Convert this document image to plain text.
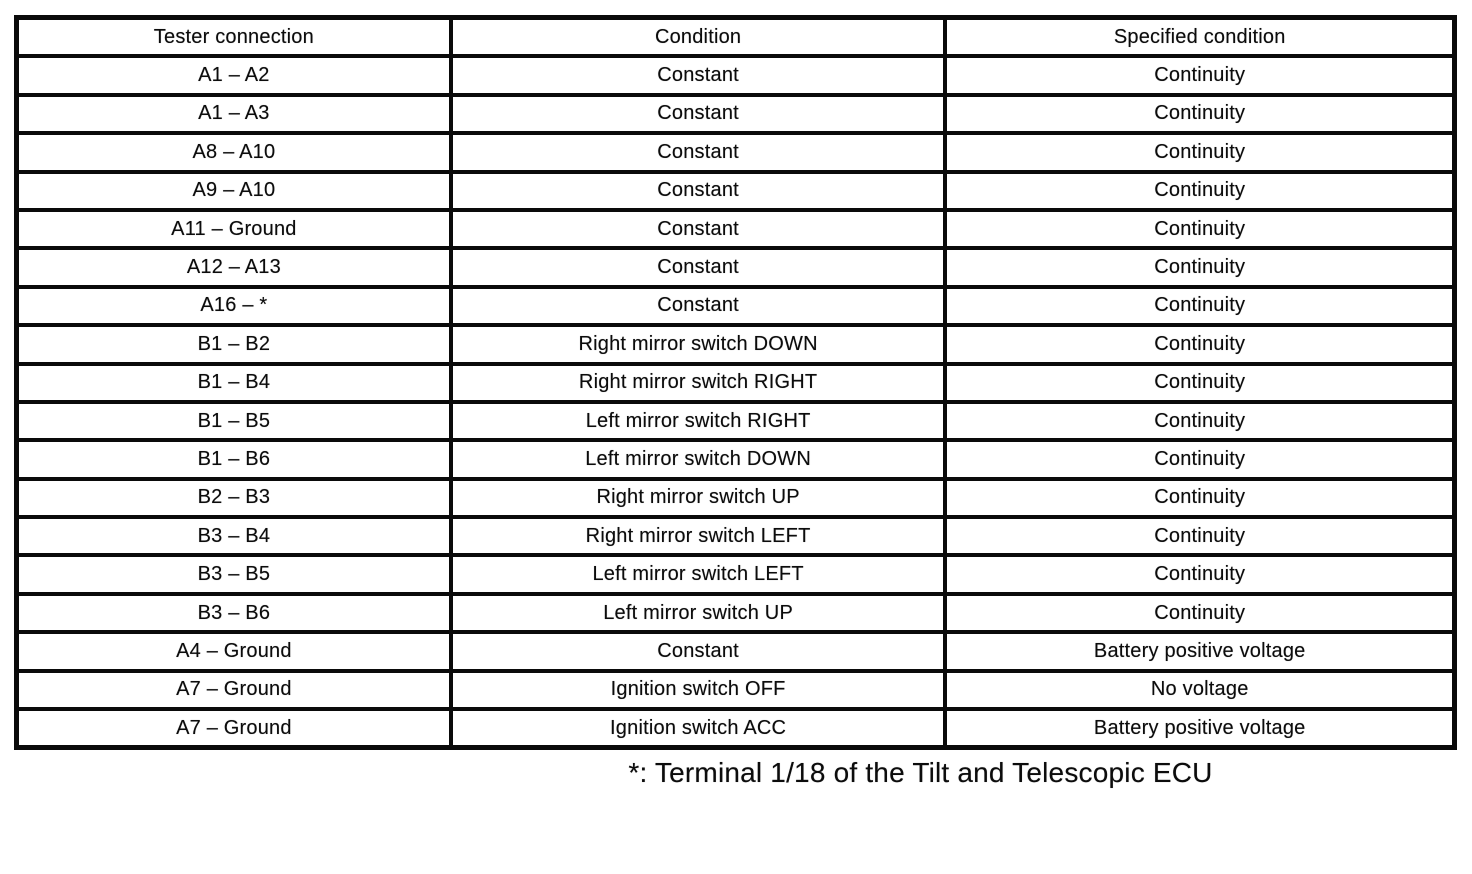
Tester connection	Condition	Specified condition
A1 – A2	Constant	Continuity
A1 – A3	Constant	Continuity
A8 – A10	Constant	Continuity
A9 – A10	Constant	Continuity
A11 – Ground	Constant	Continuity
A12 – A13	Constant	Continuity
A16 – *	Constant	Continuity
B1 – B2	Right mirror switch DOWN	Continuity
B1 – B4	Right mirror switch RIGHT	Continuity
B1 – B5	Left mirror switch RIGHT	Continuity
B1 – B6	Left mirror switch DOWN	Continuity
B2 – B3	Right mirror switch UP	Continuity
B3 – B4	Right mirror switch LEFT	Continuity
B3 – B5	Left mirror switch LEFT	Continuity
B3 – B6	Left mirror switch UP	Continuity
A4 – Ground	Constant	Battery positive voltage
A7 – Ground	Ignition switch OFF	No voltage
A7 – Ground	Ignition switch ACC	Battery positive voltage
*: Terminal 1/18 of the Tilt and Telescopic ECU
